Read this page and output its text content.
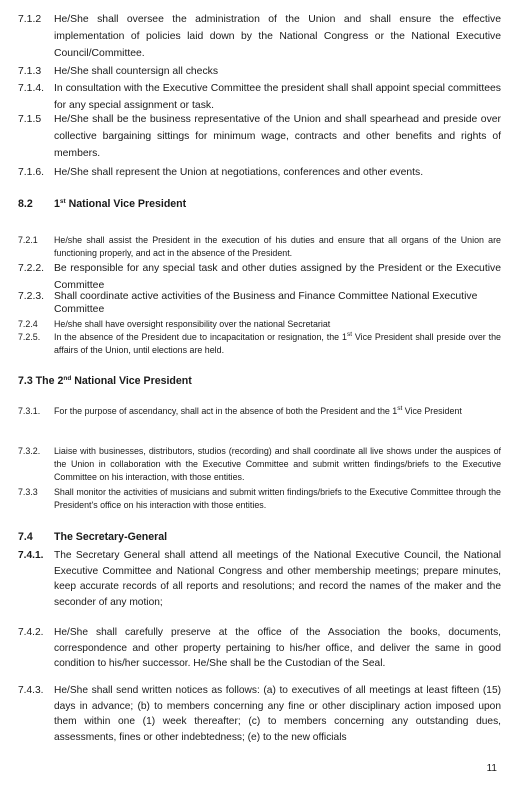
7.1.2	He/She shall oversee the administration of the Union and shall ensure the effective implementation of policies laid down by the National Congress or the National Executive Council/Committee.
7.1.3	He/She shall countersign all checks
7.1.4. In consultation with the Executive Committee the president shall shall appoint special committees for any special assignment or task.
7.1.5	He/She shall be the business representative of the Union and shall spearhead and preside over collective bargaining sittings for minimum wage, contracts and other benefits and rights of members.
7.1.6. He/She shall represent the Union at negotiations, conferences and other events.
8.2 1st National Vice President
7.2.1	He/she shall assist the President in the execution of his duties and ensure that all organs of the Union are functioning properly, and act in the absence of the President.
7.2.2. Be responsible for any special task and other duties assigned by the President or the Executive Committee
7.2.3. Shall coordinate active activities of the Business and Finance Committee National Executive Committee
7.2.4	He/she shall have oversight responsibility over the national Secretariat
7.2.5.	In the absence of the President due to incapacitation or resignation, the 1st Vice President shall preside over the affairs of the Union, until elections are held.
7.3 The 2nd National Vice President
7.3.1.	For the purpose of ascendancy, shall act in the absence of both the President and the 1st Vice President
7.3.2.	Liaise with businesses, distributors, studios (recording) and shall coordinate all live shows under the auspices of the Union in collaboration with the Executive Committee and submit written findings/briefs to the Executive Committee on his interaction, with those entities.
7.3.3	Shall monitor the activities of musicians and submit written findings/briefs to the Executive Committee through the President's office on his interaction with those entities.
7.4 The Secretary-General
7.4.1.	The Secretary General shall attend all meetings of the National Executive Council, the National Executive Committee and National Congress and other membership meetings; prepare minutes, keep accurate records of all reports and resolutions; and record the names of the maker and the seconder of any motion;
7.4.2.	He/She shall carefully preserve at the office of the Association the books, documents, correspondence and other property pertaining to his/her office, and deliver the same in good condition to his/her successor. He/She shall be the Custodian of the Seal.
7.4.3.	He/She shall send written notices as follows: (a) to executives of all meetings at least fifteen (15) days in advance; (b) to members concerning any fine or other disciplinary action imposed upon them within one (1) week thereafter; (c) to members concerning any outstanding dues, assessments, fines or other indebtedness; (e) to the new officials
11
